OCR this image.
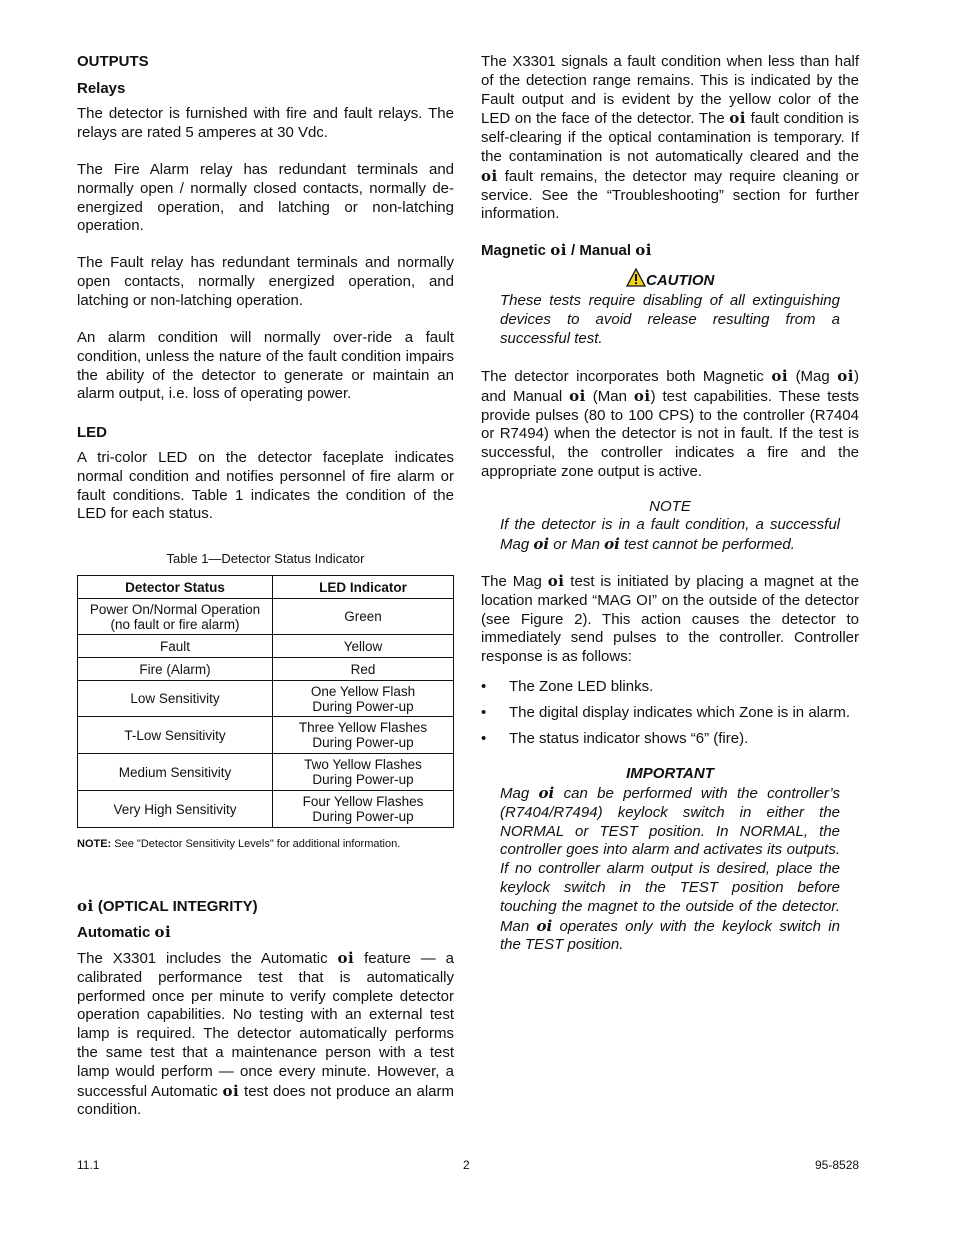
OUTPUTS
Relays
The detector is furnished with fire and fault relays. The relays are rated 5 amperes at 30 Vdc.
The Fire Alarm relay has redundant terminals and normally open / normally closed contacts, normally de-energized operation, and latching or non-latching operation.
The Fault relay has redundant terminals and normally open contacts, normally energized operation, and latching or non-latching operation.
An alarm condition will normally over-ride a fault condition, unless the nature of the fault condition impairs the ability of the detector to generate or maintain an alarm output, i.e. loss of operating power.
LED
A tri-color LED on the detector faceplate indicates normal condition and notifies personnel of fire alarm or fault conditions. Table 1 indicates the condition of the LED for each status.
Table 1—Detector Status Indicator
Detector Status	LED Indicator

Power On/Normal Operation
(no fault or fire alarm)	Green

Fault	Yellow

Fire (Alarm)	Red

Low Sensitivity	One Yellow Flash
During Power-up

T-Low Sensitivity	Three Yellow Flashes
During Power-up

Medium Sensitivity	Two Yellow Flashes
During Power-up

Very High Sensitivity	Four Yellow Flashes
During Power-up
NOTE: See "Detector Sensitivity Levels" for additional information.
oi (OPTICAL INTEGRITY)
Automatic oi
The X3301 includes the Automatic oi feature — a calibrated performance test that is automatically performed once per minute to verify complete detector operation capabilities. No testing with an external test lamp is required. The detector automatically performs the same test that a maintenance person with a test lamp would perform — once every minute. However, a successful Automatic oi test does not produce an alarm condition.
The X3301 signals a fault condition when less than half of the detection range remains. This is indicated by the Fault output and is evident by the yellow color of the LED on the face of the detector. The oi fault condition is self-clearing if the optical contamination is temporary. If the contamination is not automatically cleared and the oi fault remains, the detector may require cleaning or service. See the “Troubleshooting” section for further information.
Magnetic oi / Manual oi
CAUTION
These tests require disabling of all extinguishing devices to avoid release resulting from a successful test.
The detector incorporates both Magnetic oi (Mag oi) and Manual oi (Man oi) test capabilities. These tests provide pulses (80 to 100 CPS) to the controller (R7404 or R7494) when the detector is not in fault. If the test is successful, the controller indicates a fire and the appropriate zone output is active.
NOTE
If the detector is in a fault condition, a successful Mag oi or Man oi test cannot be performed.
The Mag oi test is initiated by placing a magnet at the location marked “MAG OI” on the outside of the detector (see Figure 2). This action causes the detector to immediately send pulses to the controller. Controller response is as follows:
• The Zone LED blinks.
• The digital display indicates which Zone is in alarm.
• The status indicator shows “6” (fire).
IMPORTANT
Mag oi can be performed with the controller’s (R7404/R7494) keylock switch in either the NORMAL or TEST position. In NORMAL, the controller goes into alarm and activates its outputs. If no controller alarm output is desired, place the keylock switch in the TEST position before touching the magnet to the outside of the detector. Man oi operates only with the keylock switch in the TEST position.
11.1	2	95-8528
